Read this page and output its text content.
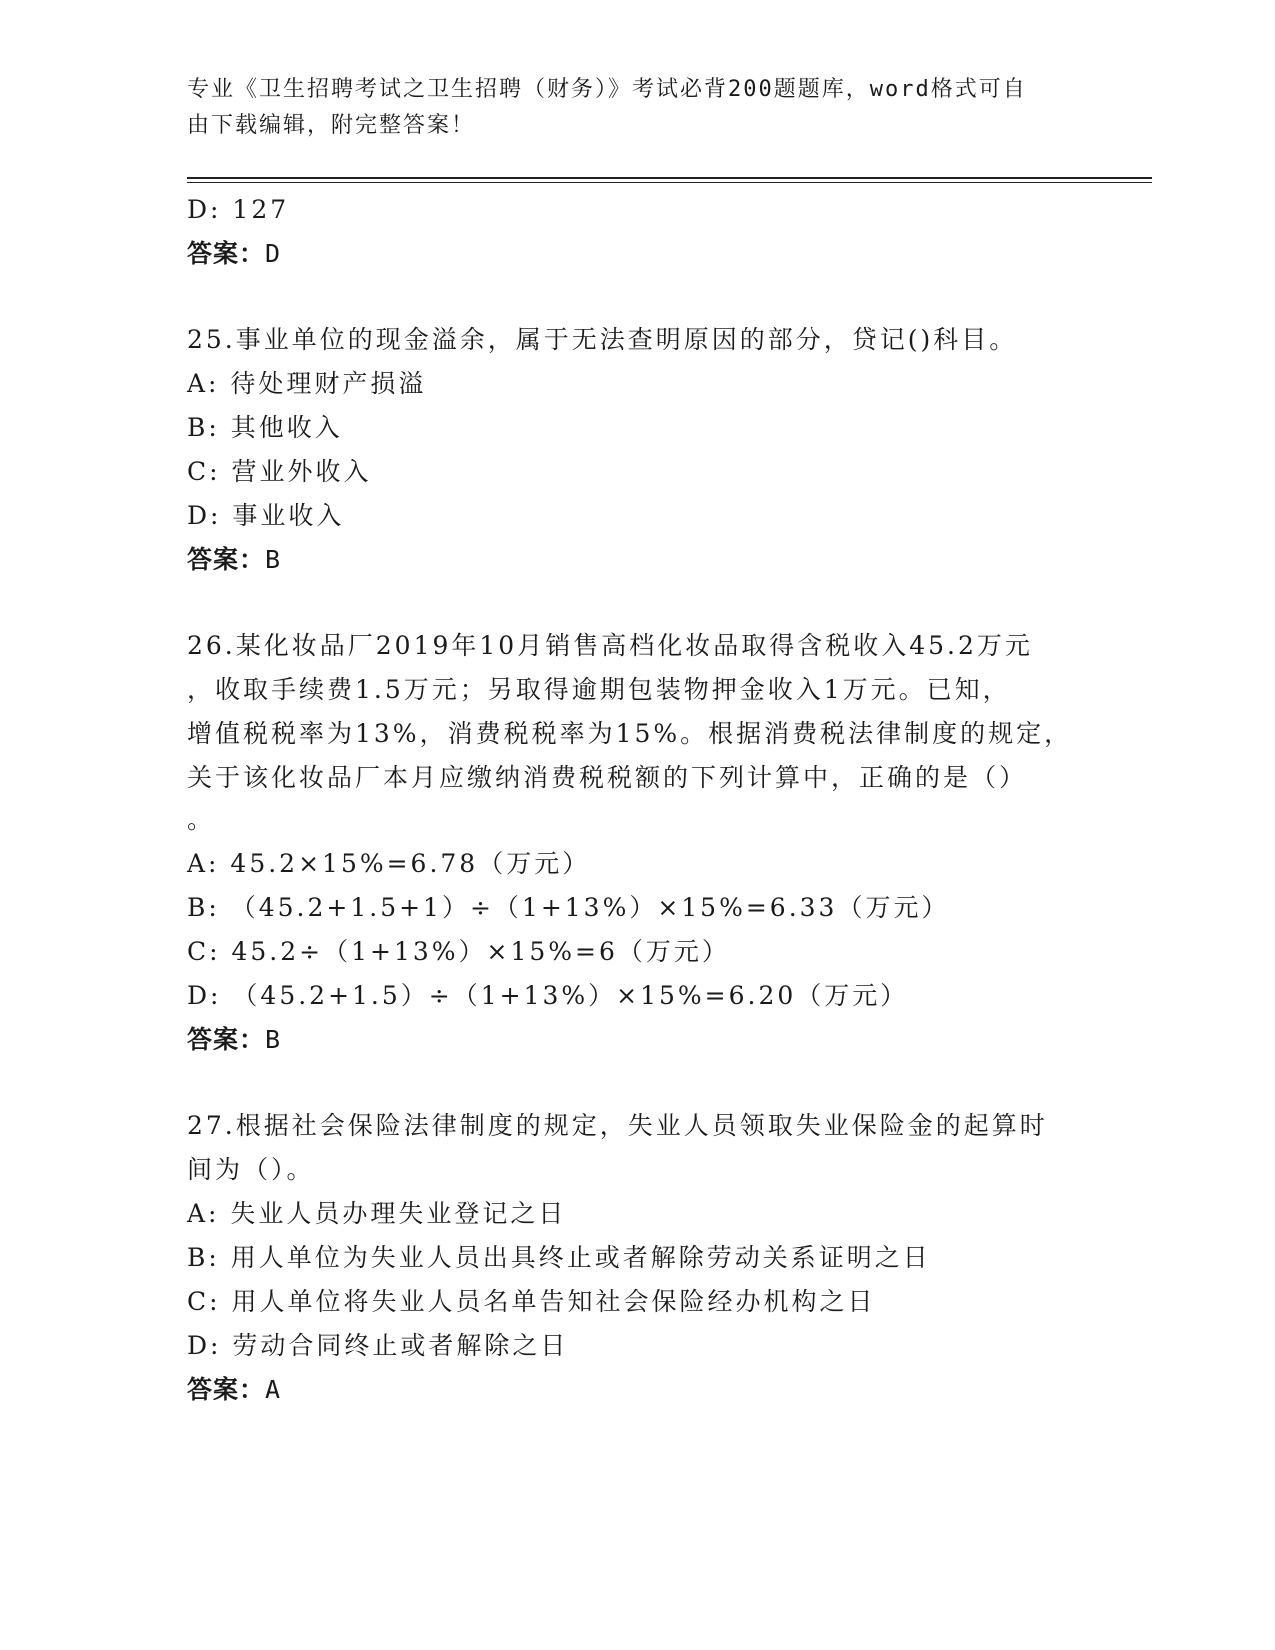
专业《卫生招聘考试之卫生招聘（财务）》考试必背200题题库，word格式可自
由下载编辑，附完整答案！
D: 127
答案：D
25.事业单位的现金溢余，属于无法查明原因的部分，贷记()科目。
A: 待处理财产损溢
B: 其他收入
C: 营业外收入
D: 事业收入
答案：B
26.某化妆品厂2019年10月销售高档化妆品取得含税收入45.2万元
，收取手续费1.5万元；另取得逾期包装物押金收入1万元。已知，
增值税税率为13%，消费税税率为15%。根据消费税法律制度的规定，
关于该化妆品厂本月应缴纳消费税税额的下列计算中，正确的是（）
。
A: 45.2×15%=6.78（万元）
B: （45.2+1.5+1）÷（1+13%）×15%=6.33（万元）
C: 45.2÷（1+13%）×15%=6（万元）
D: （45.2+1.5）÷（1+13%）×15%=6.20（万元）
答案：B
27.根据社会保险法律制度的规定，失业人员领取失业保险金的起算时
间为（）。
A: 失业人员办理失业登记之日
B: 用人单位为失业人员出具终止或者解除劳动关系证明之日
C: 用人单位将失业人员名单告知社会保险经办机构之日
D: 劳动合同终止或者解除之日
答案：A
